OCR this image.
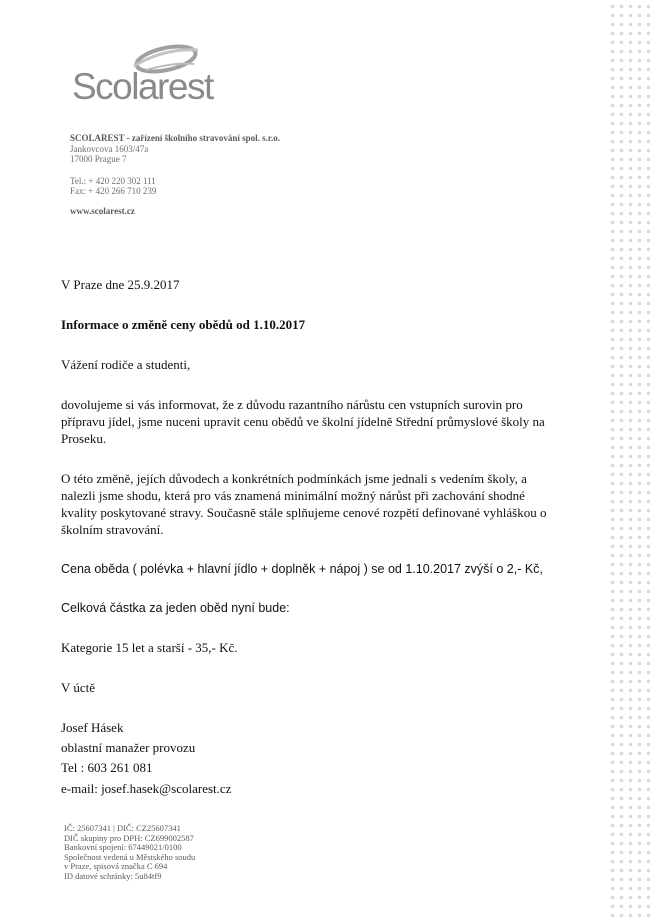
Scolarest
SCOLAREST - zařízení školního stravování spol. s.r.o.
Jankovcova 1603/47a
17000 Prague 7
Tel.: + 420 220 302 111
Fax: + 420 266 710 239
www.scolarest.cz
V Praze dne 25.9.2017
Informace o změně ceny obědů od 1.10.2017
Vážení rodiče a studenti,
dovolujeme si vás informovat, že z důvodu razantního nárůstu cen vstupních surovin pro přípravu jídel, jsme nuceni upravit cenu obědů ve školní jídelně Střední průmyslové školy na Proseku.
O této změně, jejích důvodech a konkrétních podmínkách jsme jednali s vedením školy, a nalezli jsme shodu, která pro vás znamená minimální možný nárůst při zachování shodné kvality poskytované stravy. Současně stále splňujeme cenové rozpětí definované vyhláškou o školním stravování.
Cena oběda ( polévka + hlavní jídlo + doplněk + nápoj ) se od 1.10.2017 zvýší o 2,- Kč,
Celková částka za jeden oběd nyní bude:
Kategorie 15 let a starší - 35,- Kč.
V úctě
Josef Hásek
oblastní manažer provozu
Tel : 603 261 081
e-mail: josef.hasek@scolarest.cz
IČ: 25607341 | DIČ: CZ25607341
DIČ skupiny pro DPH: CZ699002587
Bankovní spojení: 67449021/0100
Společnost vedená u Městského soudu
v Praze, spisová značka C 694
ID datové schránky: 5u84tf9
